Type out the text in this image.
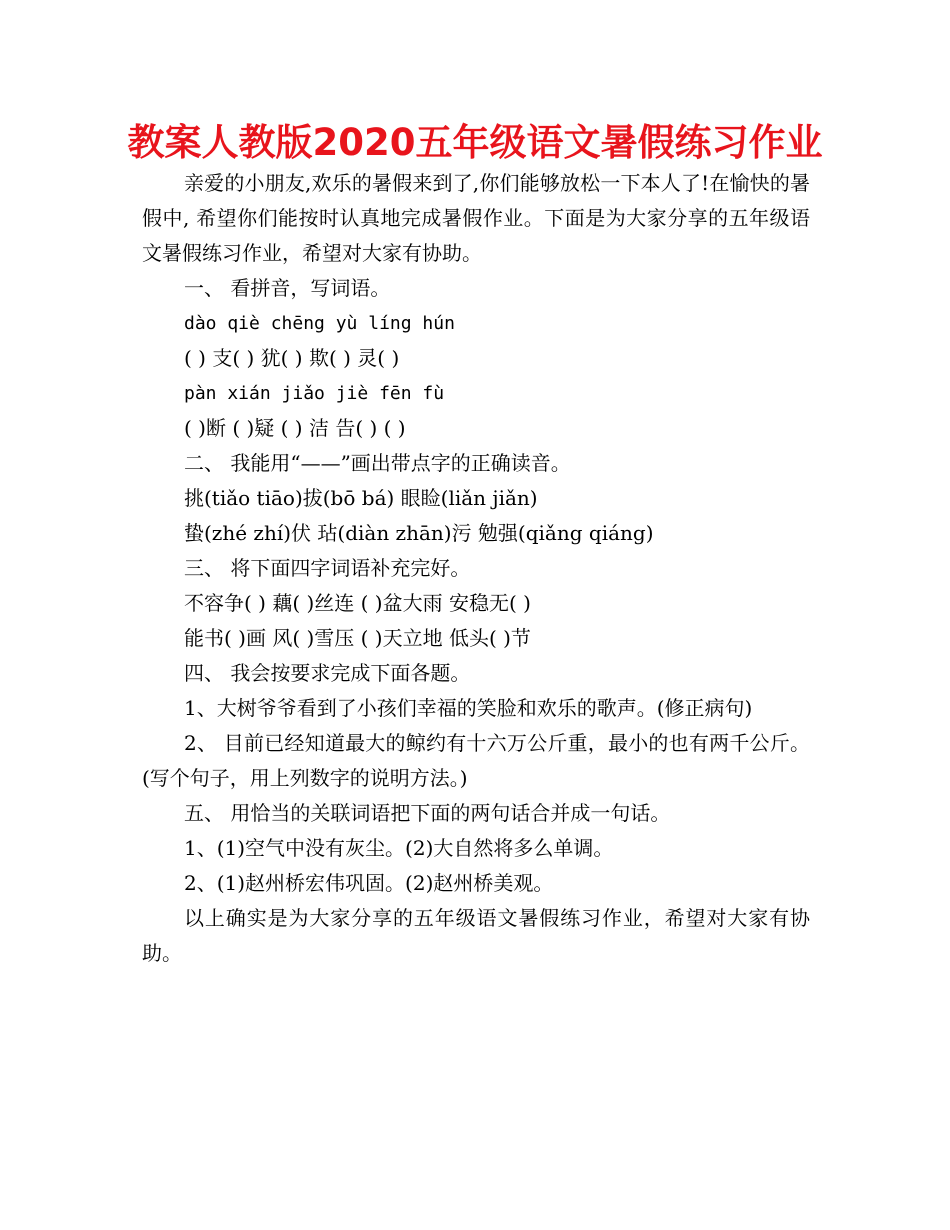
教案人教版2020五年级语文暑假练习作业

亲爱的小朋友,欢乐的暑假来到了,你们能够放松一下本人了!在愉快的暑 假中, 希望你们能按时认真地完成暑假作业。下面是为大家分享的五年级语文暑假练习作业，希望对大家有协助。

一、 看拼音，写词语。

dào qiè chēng yù líng hún

( ) 支( ) 犹( ) 欺( ) 灵( )

pàn xián jiǎo jiè fēn fù

( )断 ( )疑 ( ) 洁 告( ) ( )

二、 我能用“——”画出带点字的正确读音。

挑(tiǎo tiāo)拔(bō bá) 眼睑(liǎn jiǎn)

蛰(zhé zhí)伏 玷(diàn zhān)污 勉强(qiǎng qiáng)

三、 将下面四字词语补充完好。

不容争( ) 藕( )丝连 ( )盆大雨 安稳无( )

能书( )画 风( )雪压 ( )天立地 低头( )节

四、 我会按要求完成下面各题。

1、大树爷爷看到了小孩们幸福的笑脸和欢乐的歌声。(修正病句)

2、 目前已经知道最大的鲸约有十六万公斤重，最小的也有两千公斤。(写个句子，用上列数字的说明方法。)

五、 用恰当的关联词语把下面的两句话合并成一句话。

1、(1)空气中没有灰尘。(2)大自然将多么单调。

2、(1)赵州桥宏伟巩固。(2)赵州桥美观。

以上确实是为大家分享的五年级语文暑假练习作业，希望对大家有协助。
